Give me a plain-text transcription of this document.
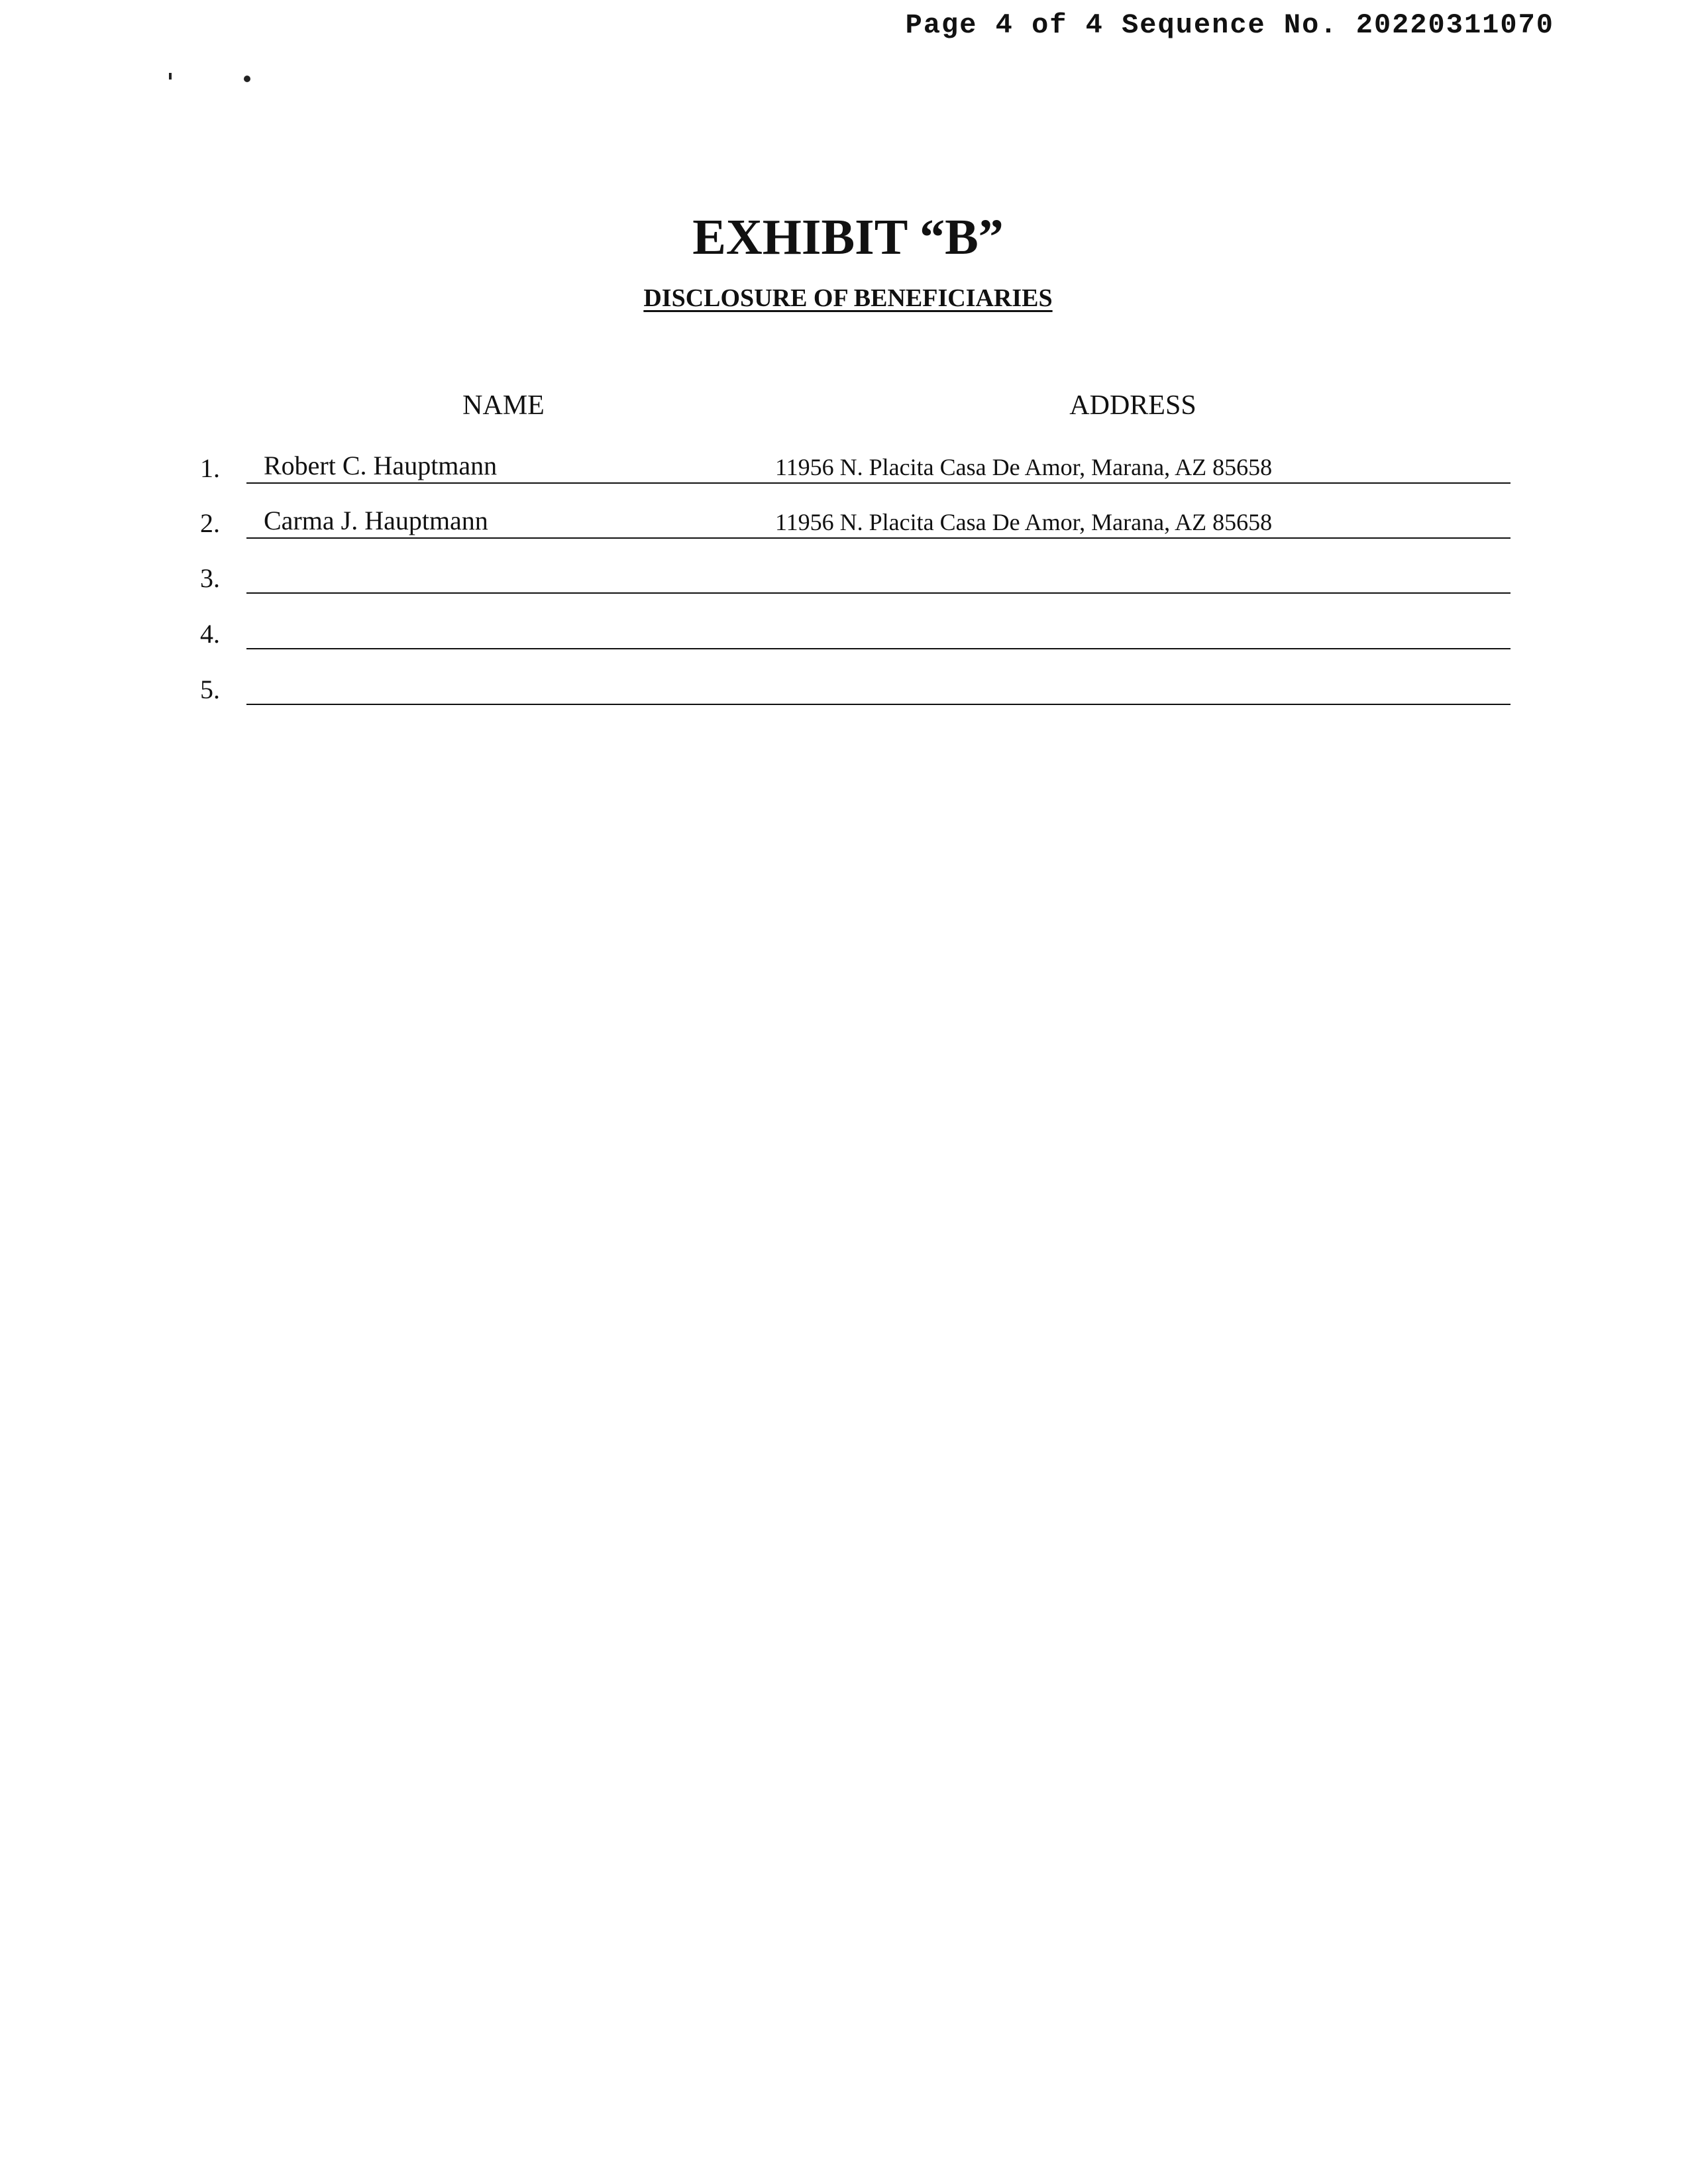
Page 4 of 4 Sequence No. 20220311070
EXHIBIT “B”
DISCLOSURE OF BENEFICIARIES
NAME	ADDRESS
1.	Robert C. Hauptmann	11956 N. Placita Casa De Amor, Marana, AZ 85658
2.	Carma J. Hauptmann	11956 N. Placita Casa De Amor, Marana, AZ 85658
3.
4.
5.
